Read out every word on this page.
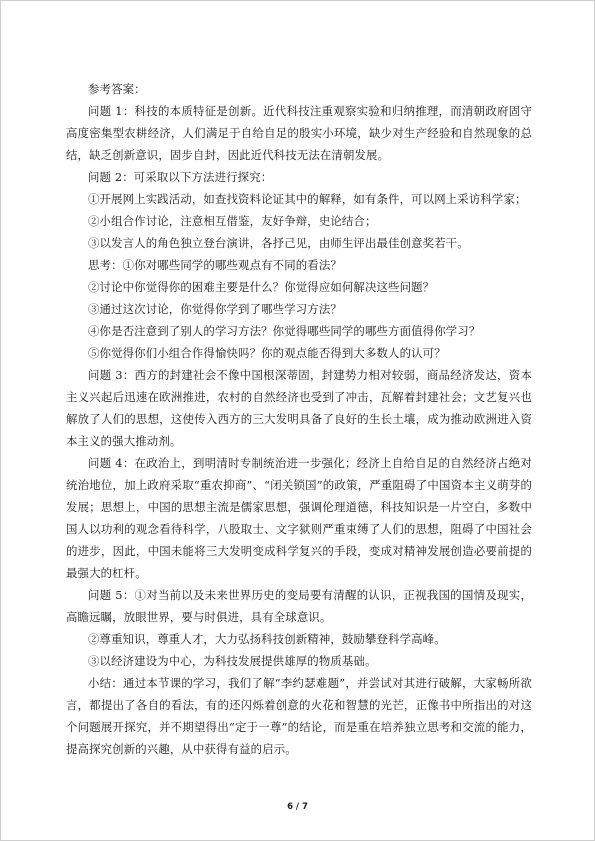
参考答案：

问题 1：科技的本质特征是创新。近代科技注重观察实验和归纳推理，而清朝政府固守高度密集型农耕经济，人们满足于自给自足的殷实小环境，缺少对生产经验和自然现象的总结，缺乏创新意识，固步自封，因此近代科技无法在清朝发展。

问题 2：可采取以下方法进行探究：

①开展网上实践活动，如查找资料论证其中的解释，如有条件，可以网上采访科学家；

②小组合作讨论，注意相互借鉴，友好争辩，史论结合；

③以发言人的角色独立登台演讲，各抒己见，由师生评出最佳创意奖若干。

思考：①你对哪些同学的哪些观点有不同的看法？

②讨论中你觉得你的困难主要是什么？你觉得应如何解决这些问题？

③通过这次讨论，你觉得你学到了哪些学习方法？

④你是否注意到了别人的学习方法？你觉得哪些同学的哪些方面值得你学习？

⑤你觉得你们小组合作得愉快吗？你的观点能否得到大多数人的认可？

问题 3：西方的封建社会不像中国根深蒂固，封建势力相对较弱，商品经济发达，资本主义兴起后迅速在欧洲推进，农村的自然经济也受到了冲击，瓦解着封建社会；文艺复兴也解放了人们的思想，这使传入西方的三大发明具备了良好的生长土壤，成为推动欧洲进入资本主义的强大推动剂。

问题 4：在政治上，到明清时专制统治进一步强化；经济上自给自足的自然经济占绝对统治地位，加上政府采取“重农抑商”、“闭关锁国”的政策，严重阻碍了中国资本主义萌芽的发展；思想上，中国的思想主流是儒家思想，强调伦理道德，科技知识是一片空白，多数中国人以功利的观念看待科学，八股取士、文字狱则严重束缚了人们的思想，阻碍了中国社会的进步，因此，中国未能将三大发明变成科学复兴的手段，变成对精神发展创造必要前提的最强大的杠杆。

问题 5：①对当前以及未来世界历史的变局要有清醒的认识，正视我国的国情及现实，高瞻远瞩，放眼世界，要与时俱进，具有全球意识。

②尊重知识，尊重人才，大力弘扬科技创新精神，鼓励攀登科学高峰。

③以经济建设为中心，为科技发展提供雄厚的物质基础。

小结：通过本节课的学习，我们了解“李约瑟难题”，并尝试对其进行破解，大家畅所欲言，都提出了各自的看法，有的还闪烁着创意的火花和智慧的光芒，正像书中所指出的对这个问题展开探究，并不期望得出“定于一尊”的结论，而是重在培养独立思考和交流的能力，提高探究创新的兴趣，从中获得有益的启示。

6 / 7
